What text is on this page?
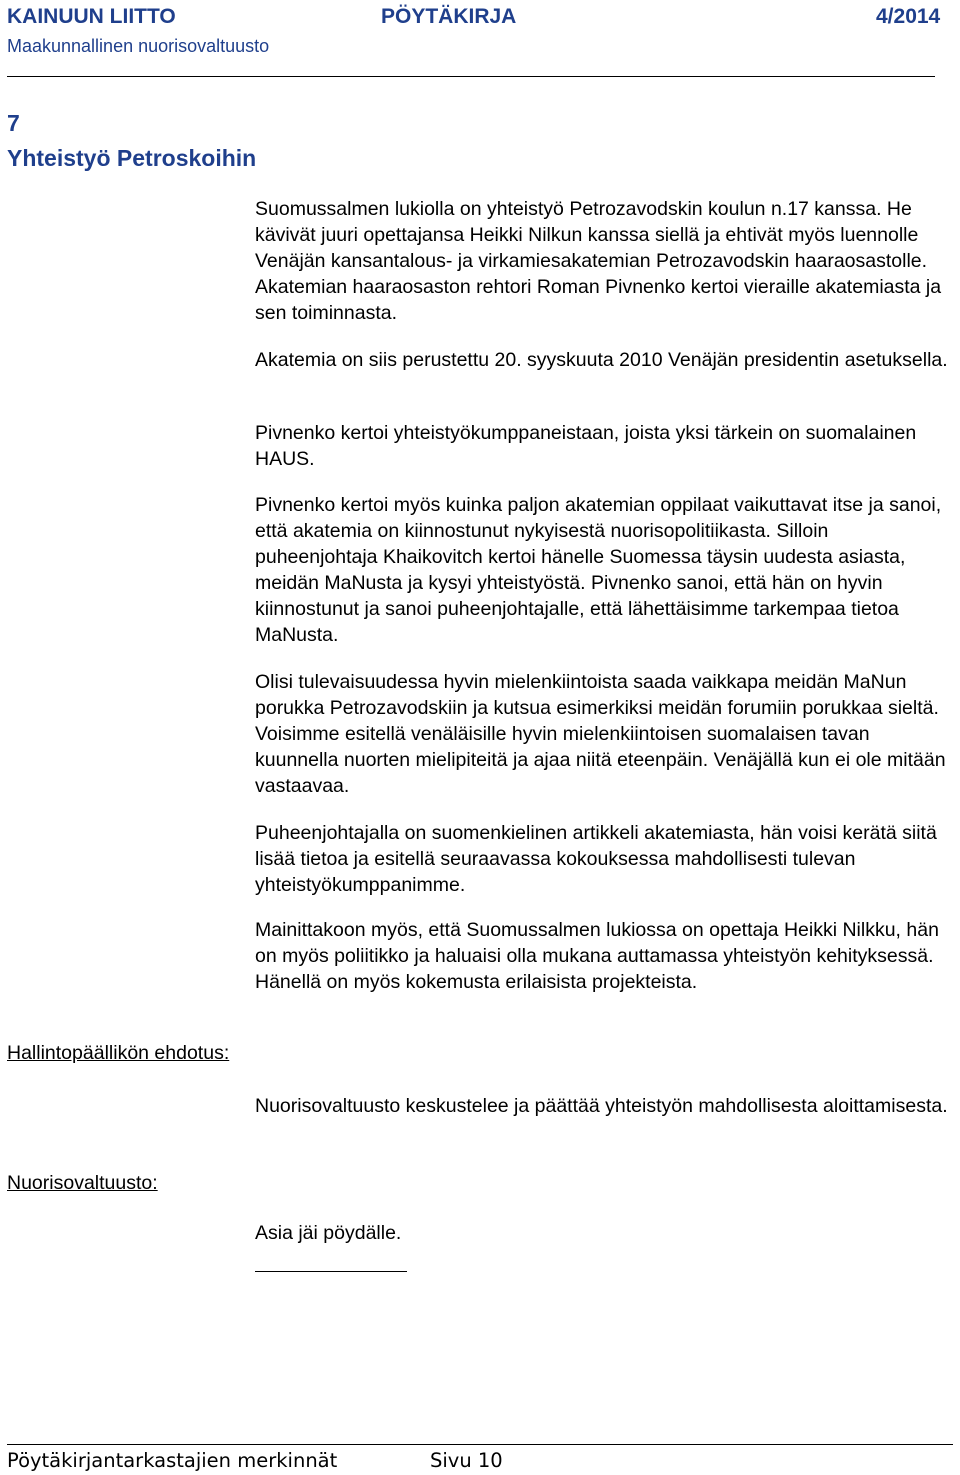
KAINUUN LIITTO	PÖYTÄKIRJA	4/2014
Maakunnallinen nuorisovaltuusto
7
Yhteistyö Petroskoihin

Suomussalmen lukiolla on yhteistyö Petrozavodskin koulun n.17 kanssa. He kävivät juuri opettajansa Heikki Nilkun kanssa siellä ja ehtivät myös luennolle Venäjän kansantalous- ja virkamiesakatemian Petrozavodskin haaraosastolle. Akatemian haaraosaston rehtori Roman Pivnenko kertoi vieraille akatemiasta ja sen toiminnasta.

Akatemia on siis perustettu 20. syyskuuta 2010 Venäjän presidentin asetuksella.

Pivnenko kertoi yhteistyökumppaneistaan, joista yksi tärkein on suomalainen HAUS.

Pivnenko kertoi myös kuinka paljon akatemian oppilaat vaikuttavat itse ja sanoi, että akatemia on kiinnostunut nykyisestä nuorisopolitiikasta. Silloin puheenjohtaja Khaikovitch kertoi hänelle Suomessa täysin uudesta asiasta, meidän MaNusta ja kysyi yhteistyöstä. Pivnenko sanoi, että hän on hyvin kiinnostunut ja sanoi puheenjohtajalle, että lähettäisimme tarkempaa tietoa MaNusta.

Olisi tulevaisuudessa hyvin mielenkiintoista saada vaikkapa meidän MaNun porukka Petrozavodskiin ja kutsua esimerkiksi meidän forumiin porukkaa sieltä. Voisimme esitellä venäläisille hyvin mielenkiintoisen suomalaisen tavan kuunnella nuorten mielipiteitä ja ajaa niitä eteenpäin. Venäjällä kun ei ole mitään vastaavaa.

Puheenjohtajalla on suomenkielinen artikkeli akatemiasta, hän voisi kerätä siitä lisää tietoa ja esitellä seuraavassa kokouksessa mahdollisesti tulevan yhteistyökumppanimme.

Mainittakoon myös, että Suomussalmen lukiossa on opettaja Heikki Nilkku, hän on myös poliitikko ja haluaisi olla mukana auttamassa yhteistyön kehityksessä. Hänellä on myös kokemusta erilaisista projekteista.

Hallintopäällikön ehdotus:

Nuorisovaltuusto keskustelee ja päättää yhteistyön mahdollisesta aloittamisesta.

Nuorisovaltuusto:

Asia jäi pöydälle.

Pöytäkirjantarkastajien merkinnät	Sivu 10
